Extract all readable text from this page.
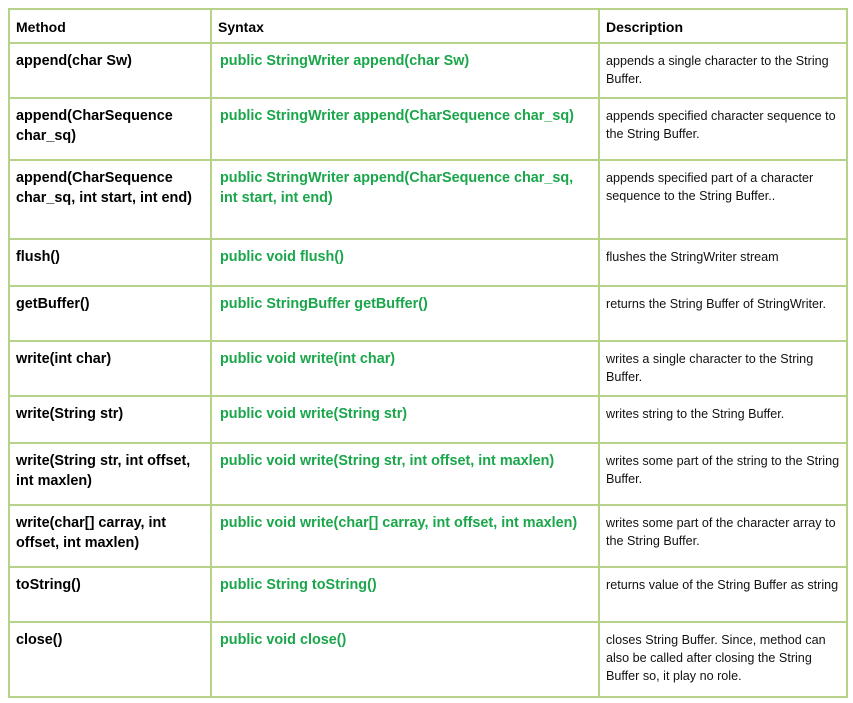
Method	Syntax	Description
append(char Sw)	public StringWriter append(char Sw)	appends a single character to the String Buffer.
append(CharSequence char_sq)	public StringWriter append(CharSequence char_sq)	appends specified character sequence to the String Buffer.
append(CharSequence char_sq, int start, int end)	public StringWriter append(CharSequence char_sq, int start, int end)	appends specified part of a character sequence to the String Buffer..
flush()	public void flush()	flushes the StringWriter stream
getBuffer()	public StringBuffer getBuffer()	returns the String Buffer of StringWriter.
write(int char)	public void write(int char)	writes a single character to the String Buffer.
write(String str)	public void write(String str)	writes string to the String Buffer.
write(String str, int offset, int maxlen)	public void write(String str, int offset, int maxlen)	writes some part of the string to the String Buffer.
write(char[] carray, int offset, int maxlen)	public void write(char[] carray, int offset, int maxlen)	writes some part of the character array to the String Buffer.
toString()	public String toString()	returns value of the String Buffer as string
close()	public void close()	closes String Buffer. Since, method can also be called after closing the String Buffer so, it play no role.
